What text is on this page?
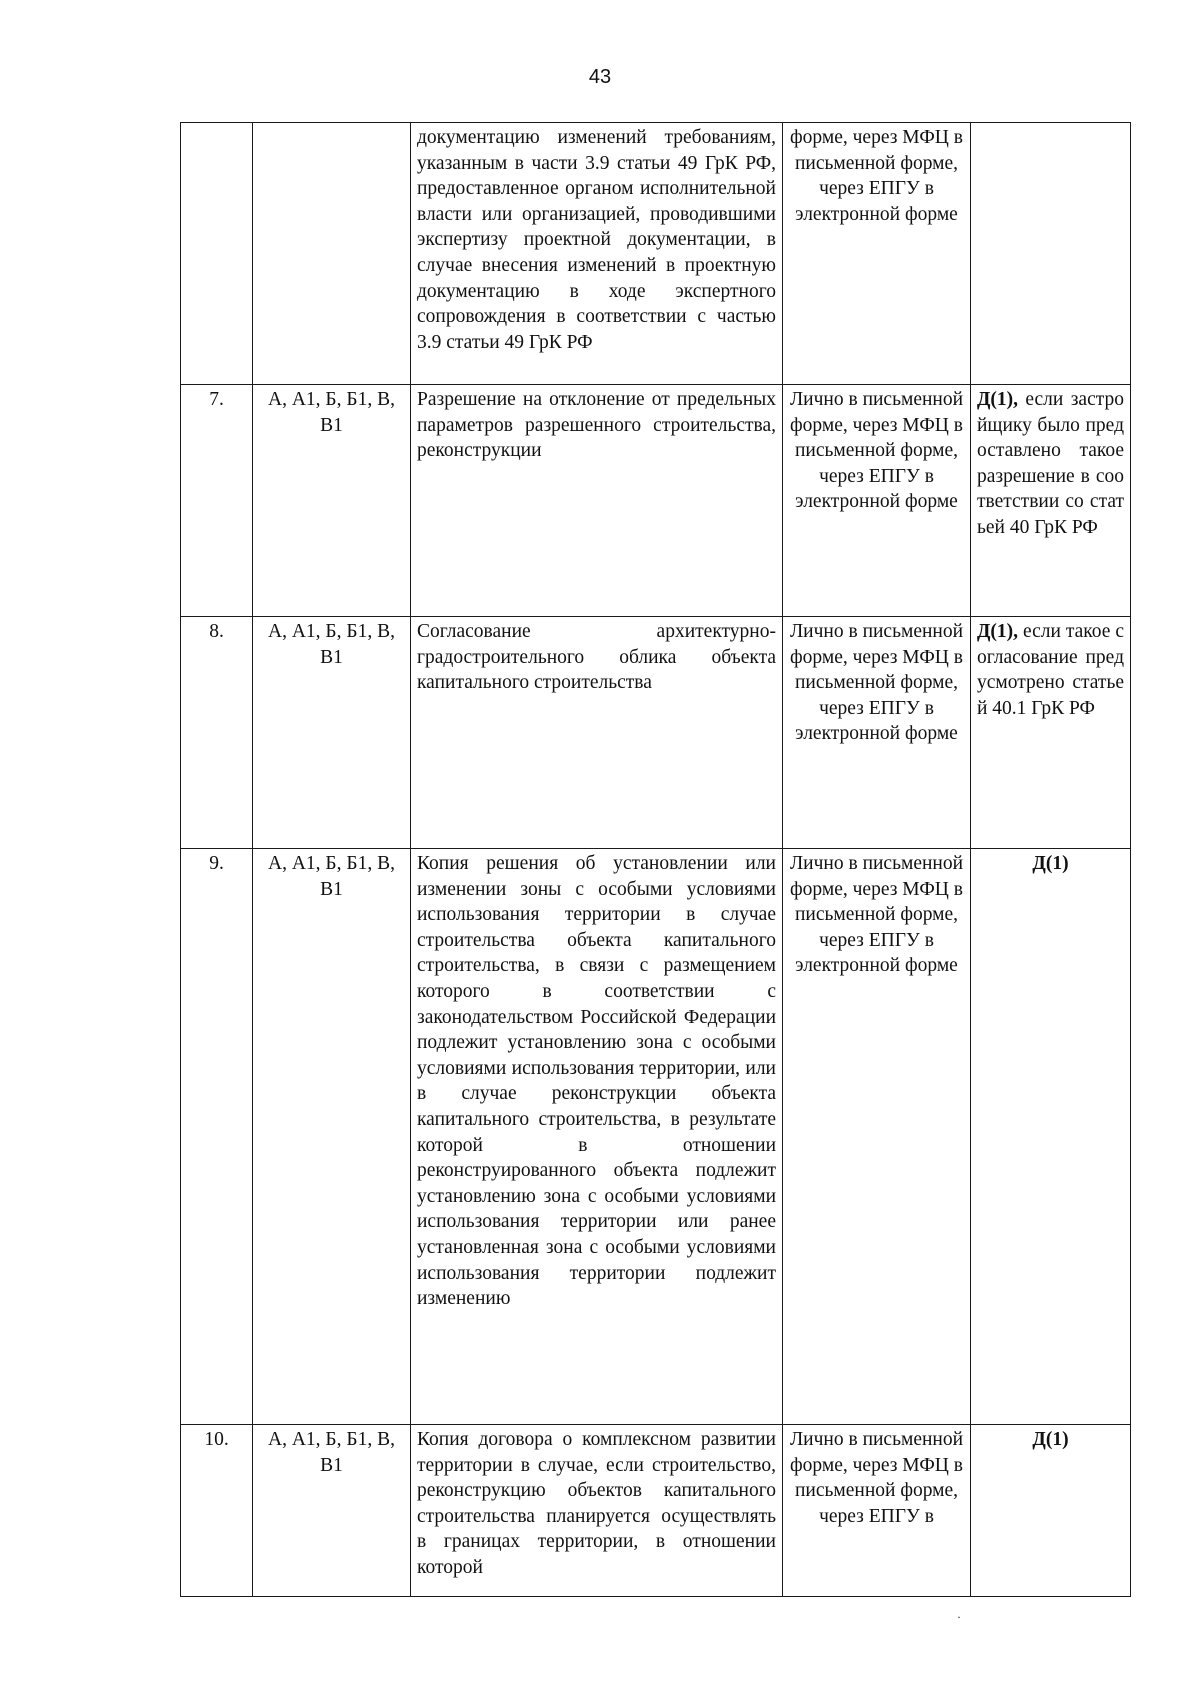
43
		документацию изменений требованиям, указанным в части 3.9 статьи 49 ГрК РФ, предоставленное органом исполнительной власти или организацией, проводившими экспертизу проектной документации, в случае внесения изменений в проектную документацию в ходе экспертного сопровождения в соответствии с частью 3.9 статьи 49 ГрК РФ	форме, через МФЦ в письменной форме, через ЕПГУ в электронной форме	
7.	А, А1, Б, Б1, В, В1	Разрешение на отклонение от предельных параметров разрешенного строительства, реконструкции	Лично в письменной форме, через МФЦ в письменной форме, через ЕПГУ в электронной форме	Д(1), если застройщику было предоставлено такое разрешение в соответствии со статьей 40 ГрК РФ
8.	А, А1, Б, Б1, В, В1	Согласование архитектурно-градостроительного облика объекта капитального строительства	Лично в письменной форме, через МФЦ в письменной форме, через ЕПГУ в электронной форме	Д(1), если такое согласование предусмотрено статьей 40.1 ГрК РФ
9.	А, А1, Б, Б1, В, В1	Копия решения об установлении или изменении зоны с особыми условиями использования территории в случае строительства объекта капитального строительства, в связи с размещением которого в соответствии с законодательством Российской Федерации подлежит установлению зона с особыми условиями использования территории, или в случае реконструкции объекта капитального строительства, в результате которой в отношении реконструированного объекта подлежит установлению зона с особыми условиями использования территории или ранее установленная зона с особыми условиями использования территории подлежит изменению	Лично в письменной форме, через МФЦ в письменной форме, через ЕПГУ в электронной форме	Д(1)
10.	А, А1, Б, Б1, В, В1	Копия договора о комплексном развитии территории в случае, если строительство, реконструкцию объектов капитального строительства планируется осуществлять в границах территории, в отношении которой	Лично в письменной форме, через МФЦ в письменной форме, через ЕПГУ в	Д(1)
·
